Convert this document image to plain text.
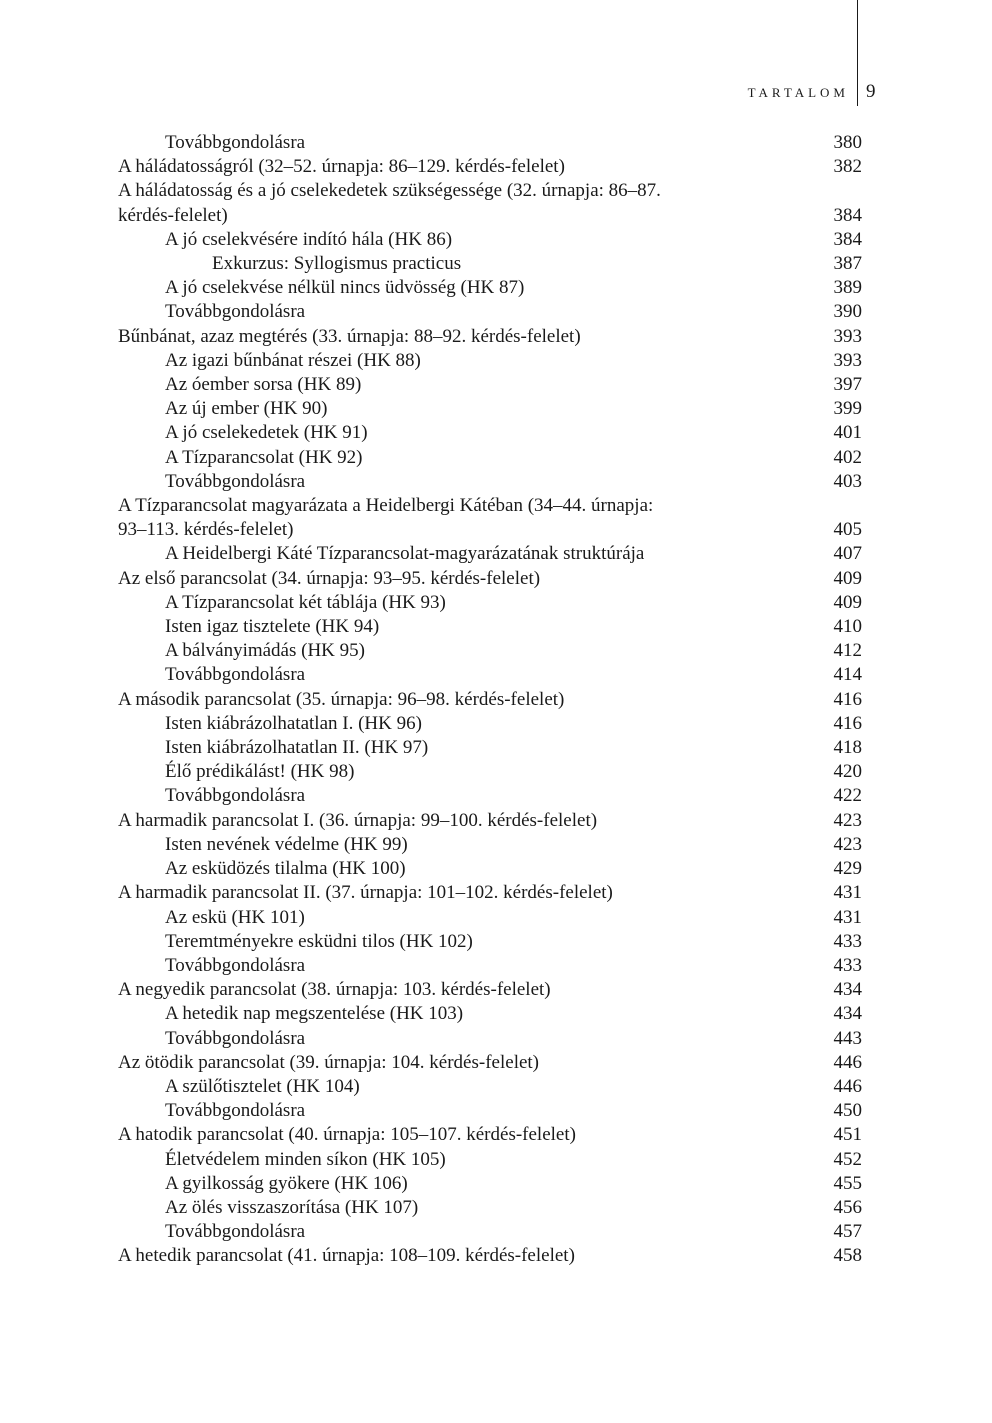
TARTALOM 9
Továbbgondolásra	380
A háládatosságról (32–52. úrnapja: 86–129. kérdés-felelet)	382
A háládatosság és a jó cselekedetek szükségessége (32. úrnapja: 86–87.
kérdés-felelet)	384
A jó cselekvésére indító hála (HK 86)	384
Exkurzus: Syllogismus practicus	387
A jó cselekvése nélkül nincs üdvösség (HK 87)	389
Továbbgondolásra	390
Bűnbánat, azaz megtérés (33. úrnapja: 88–92. kérdés-felelet)	393
Az igazi bűnbánat részei (HK 88)	393
Az óember sorsa (HK 89)	397
Az új ember (HK 90)	399
A jó cselekedetek (HK 91)	401
A Tízparancsolat (HK 92)	402
Továbbgondolásra	403
A Tízparancsolat magyarázata a Heidelbergi Kátéban (34–44. úrnapja:
93–113. kérdés-felelet)	405
A Heidelbergi Káté Tízparancsolat-magyarázatának struktúrája	407
Az első parancsolat (34. úrnapja: 93–95. kérdés-felelet)	409
A Tízparancsolat két táblája (HK 93)	409
Isten igaz tisztelete (HK 94)	410
A bálványimádás (HK 95)	412
Továbbgondolásra	414
A második parancsolat (35. úrnapja: 96–98. kérdés-felelet)	416
Isten kiábrázolhatatlan I. (HK 96)	416
Isten kiábrázolhatatlan II. (HK 97)	418
Élő prédikálást! (HK 98)	420
Továbbgondolásra	422
A harmadik parancsolat I. (36. úrnapja: 99–100. kérdés-felelet)	423
Isten nevének védelme (HK 99)	423
Az esküdözés tilalma (HK 100)	429
A harmadik parancsolat II. (37. úrnapja: 101–102. kérdés-felelet)	431
Az eskü (HK 101)	431
Teremtményekre esküdni tilos (HK 102)	433
Továbbgondolásra	433
A negyedik parancsolat (38. úrnapja: 103. kérdés-felelet)	434
A hetedik nap megszentelése (HK 103)	434
Továbbgondolásra	443
Az ötödik parancsolat (39. úrnapja: 104. kérdés-felelet)	446
A szülőtisztelet (HK 104)	446
Továbbgondolásra	450
A hatodik parancsolat (40. úrnapja: 105–107. kérdés-felelet)	451
Életvédelem minden síkon (HK 105)	452
A gyilkosság gyökere (HK 106)	455
Az ölés visszaszorítása (HK 107)	456
Továbbgondolásra	457
A hetedik parancsolat (41. úrnapja: 108–109. kérdés-felelet)	458
